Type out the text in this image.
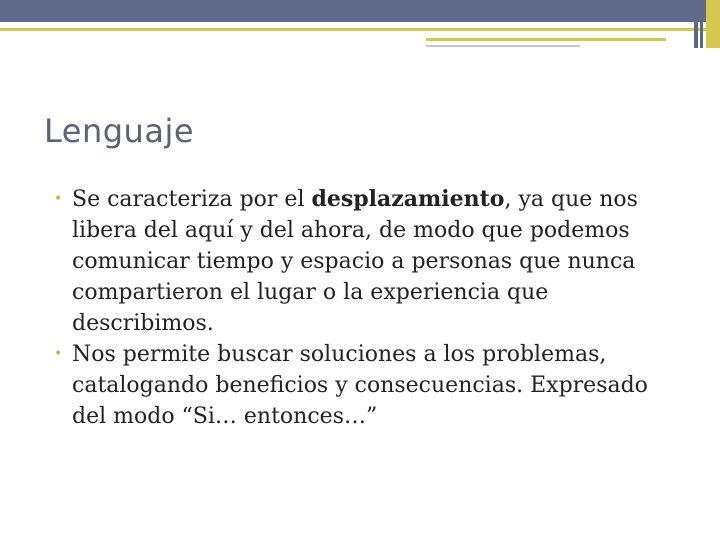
Lenguaje
• Se caracteriza por el desplazamiento, ya que nos libera del aquí y del ahora, de modo que podemos comunicar tiempo y espacio a personas que nunca compartieron el lugar o la experiencia que describimos.
• Nos permite buscar soluciones a los problemas, catalogando beneficios y consecuencias. Expresado del modo “Si… entonces…”
